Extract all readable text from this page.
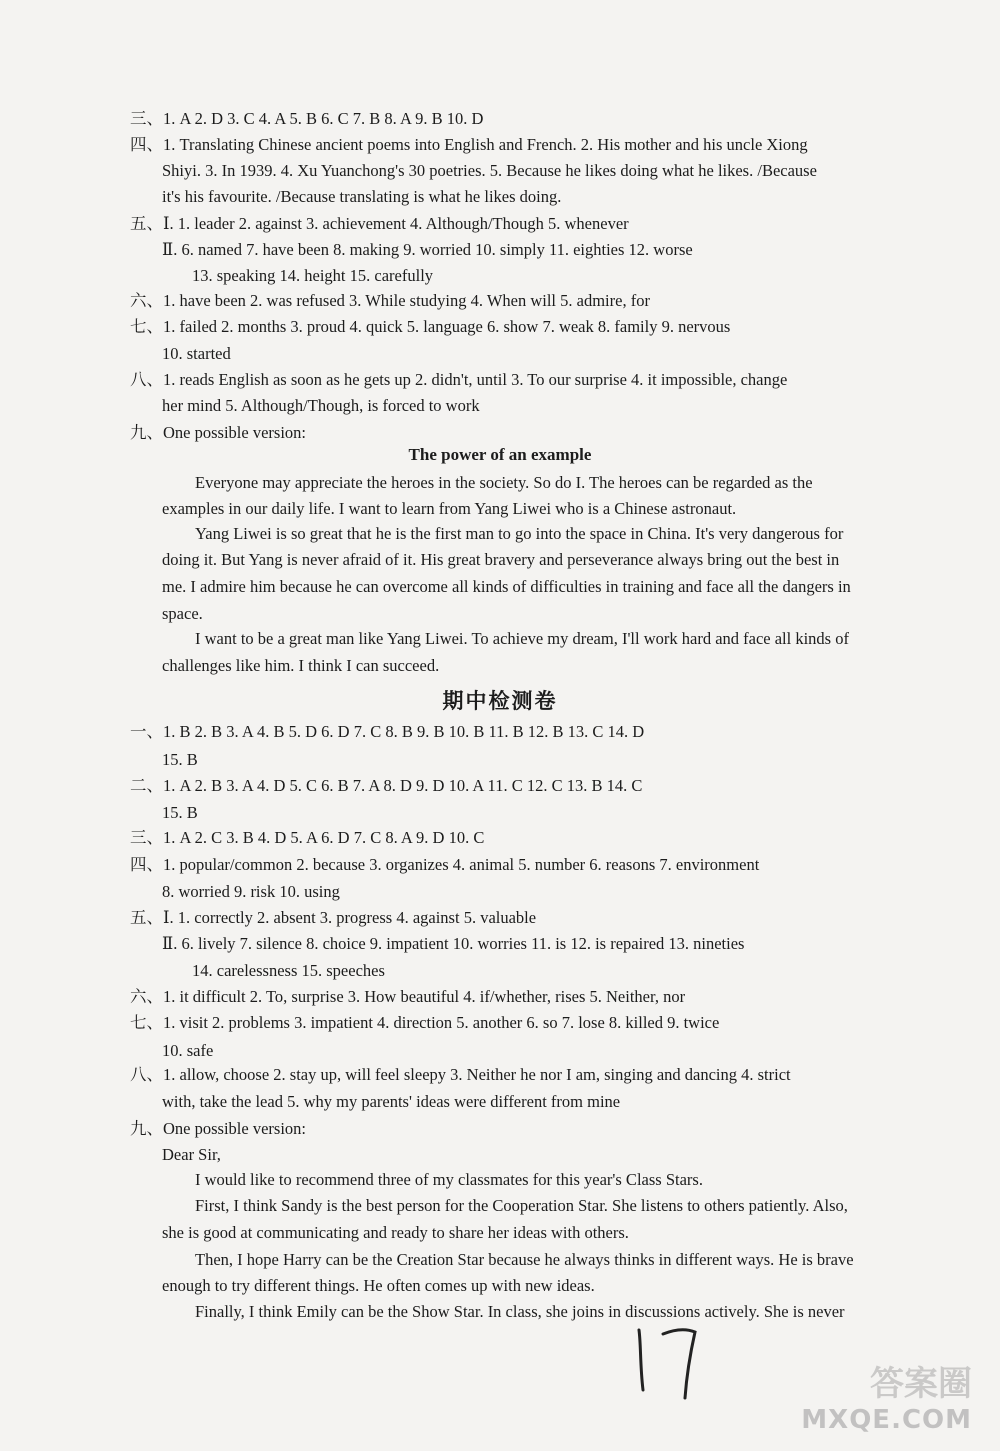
三、1. A 2. D 3. C 4. A 5. B 6. C 7. B 8. A 9. B 10. D
四、1. Translating Chinese ancient poems into English and French. 2. His mother and his uncle Xiong
Shiyi. 3. In 1939. 4. Xu Yuanchong's 30 poetries. 5. Because he likes doing what he likes. /Because
it's his favourite. /Because translating is what he likes doing.
五、Ⅰ. 1. leader 2. against 3. achievement 4. Although/Though 5. whenever
Ⅱ. 6. named 7. have been 8. making 9. worried 10. simply 11. eighties 12. worse
13. speaking 14. height 15. carefully
六、1. have been 2. was refused 3. While studying 4. When will 5. admire, for
七、1. failed 2. months 3. proud 4. quick 5. language 6. show 7. weak 8. family 9. nervous
10. started
八、1. reads English as soon as he gets up 2. didn't, until 3. To our surprise 4. it impossible, change
her mind 5. Although/Though, is forced to work
九、One possible version:
The power of an example
Everyone may appreciate the heroes in the society. So do I. The heroes can be regarded as the
examples in our daily life. I want to learn from Yang Liwei who is a Chinese astronaut.
Yang Liwei is so great that he is the first man to go into the space in China. It's very dangerous for
doing it. But Yang is never afraid of it. His great bravery and perseverance always bring out the best in
me. I admire him because he can overcome all kinds of difficulties in training and face all the dangers in
space.
I want to be a great man like Yang Liwei. To achieve my dream, I'll work hard and face all kinds of
challenges like him. I think I can succeed.
期中检测卷
一、1. B 2. B 3. A 4. B 5. D 6. D 7. C 8. B 9. B 10. B 11. B 12. B 13. C 14. D
15. B
二、1. A 2. B 3. A 4. D 5. C 6. B 7. A 8. D 9. D 10. A 11. C 12. C 13. B 14. C
15. B
三、1. A 2. C 3. B 4. D 5. A 6. D 7. C 8. A 9. D 10. C
四、1. popular/common 2. because 3. organizes 4. animal 5. number 6. reasons 7. environment
8. worried 9. risk 10. using
五、Ⅰ. 1. correctly 2. absent 3. progress 4. against 5. valuable
Ⅱ. 6. lively 7. silence 8. choice 9. impatient 10. worries 11. is 12. is repaired 13. nineties
14. carelessness 15. speeches
六、1. it difficult 2. To, surprise 3. How beautiful 4. if/whether, rises 5. Neither, nor
七、1. visit 2. problems 3. impatient 4. direction 5. another 6. so 7. lose 8. killed 9. twice
10. safe
八、1. allow, choose 2. stay up, will feel sleepy 3. Neither he nor I am, singing and dancing 4. strict
with, take the lead 5. why my parents' ideas were different from mine
九、One possible version:
Dear Sir,
I would like to recommend three of my classmates for this year's Class Stars.
First, I think Sandy is the best person for the Cooperation Star. She listens to others patiently. Also,
she is good at communicating and ready to share her ideas with others.
Then, I hope Harry can be the Creation Star because he always thinks in different ways. He is brave
enough to try different things. He often comes up with new ideas.
Finally, I think Emily can be the Show Star. In class, she joins in discussions actively. She is never
答案圈
MXQE.COM
